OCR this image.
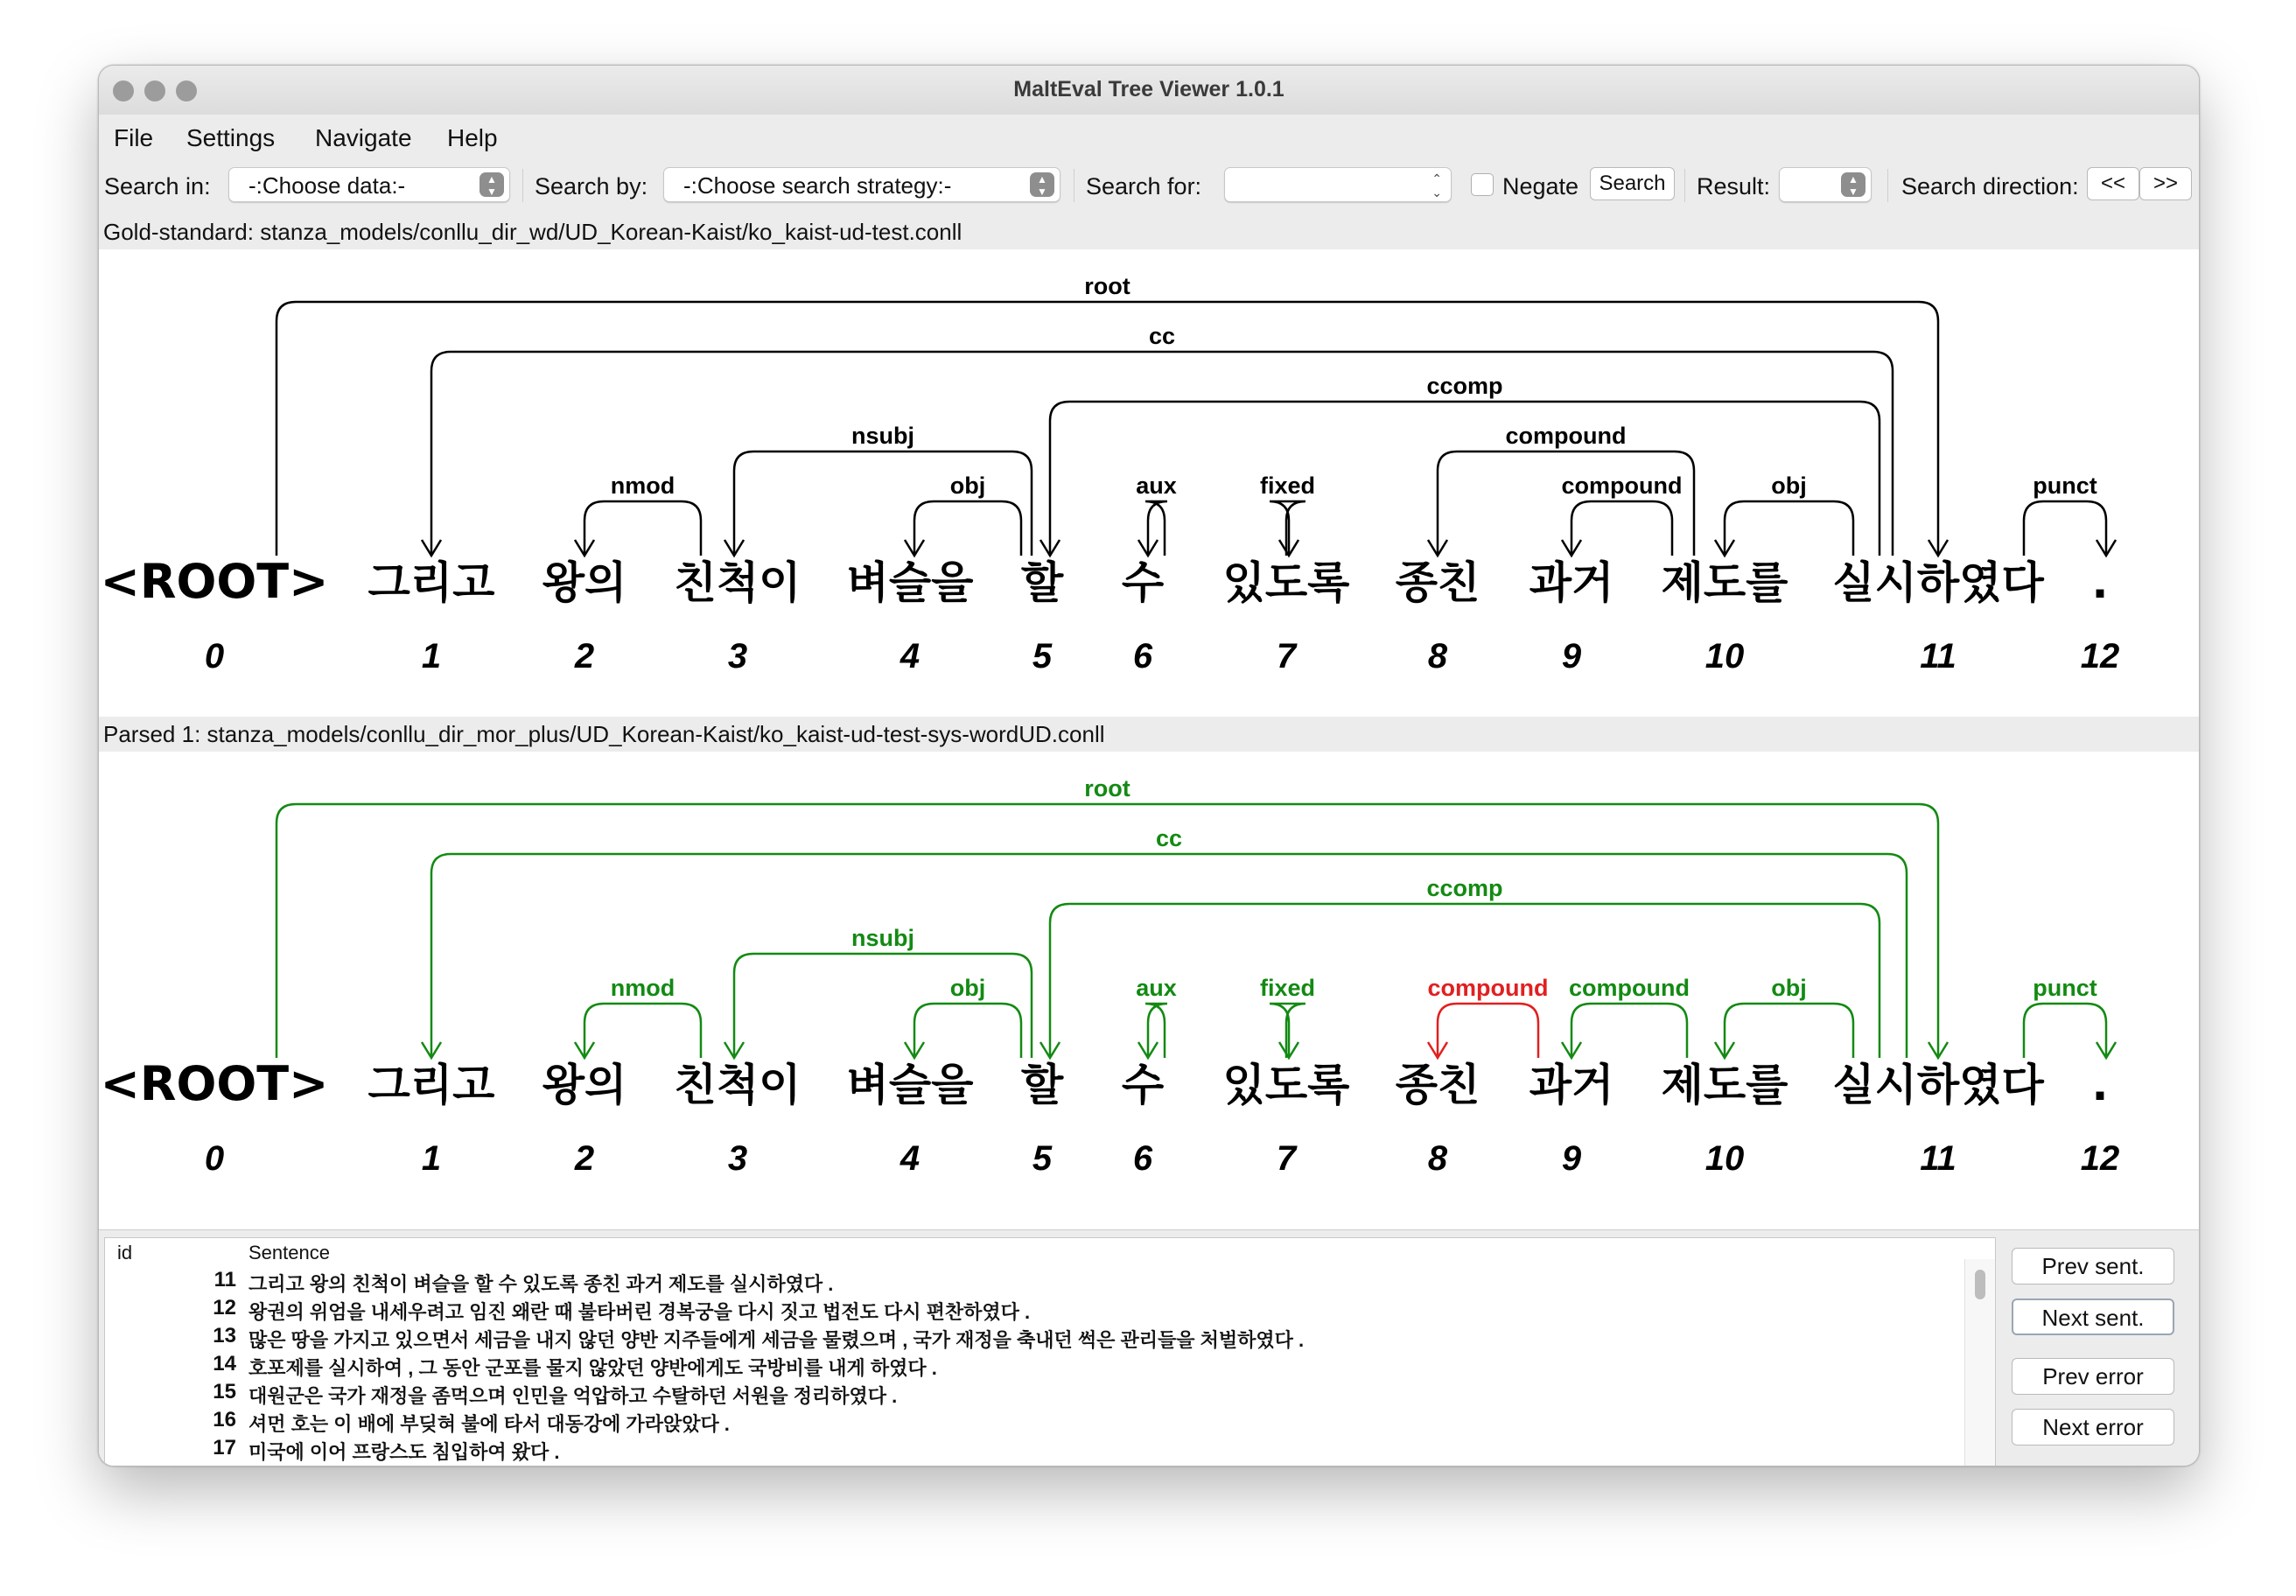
MaltEval Tree Viewer 1.0.1
File Settings Navigate Help
Search in:	-:Choose data:-	▲
▼ Search by:	-:Choose search strategy:-	▲
▼ Search for:	⌃
⌄	Negate Search	Result:	▲
▼ Search direction:	<<	>>
Gold-standard: stanza_models/conllu_dir_wd/UD_Korean-Kaist/ko_kaist-ud-test.conll
root
cc
ccomp
nsubj	compound
nmod	obj	aux	fixed	compound	obj	punct
<ROOT>
0
그리고
1
왕의
2
친척이
3
벼슬을
4
할
5
수
6
있도록
7
종친
8
과거
9
제도를
10
실시하였다
11
.
12
Parsed 1: stanza_models/conllu_dir_mor_plus/UD_Korean-Kaist/ko_kaist-ud-test-sys-wordUD.conll
root
cc
nsubj
ccomp
nmod	obj	aux	fixed	compound compound	obj	punct
<ROOT>
0
그리고
1
왕의
2
친척이
3
벼슬을
4
할
5
수
6
있도록
7
종친
8
과거
9
제도를
10
실시하였다
11
.
12
id	Sentence
11 그리고 왕의 친척이 벼슬을 할 수 있도록 종친 과거 제도를 실시하였다 .
12 왕권의 위엄을 내세우려고 임진 왜란 때 불타버린 경복궁을 다시 짓고 법전도 다시 편찬하였다 .
13 많은 땅을 가지고 있으면서 세금을 내지 않던 양반 지주들에게 세금을 물렸으며 , 국가 재정을 축내던 썩은 관리들을 처벌하였다 .
14 호포제를 실시하여 , 그 동안 군포를 물지 않았던 양반에게도 국방비를 내게 하였다 .
15 대원군은 국가 재정을 좀먹으며 인민을 억압하고 수탈하던 서원을 정리하였다 .
16 셔먼 호는 이 배에 부딪혀 불에 타서 대동강에 가라앉았다 .
17 미국에 이어 프랑스도 침입하여 왔다 .
Prev sent.
Next sent.
Prev error
Next error
